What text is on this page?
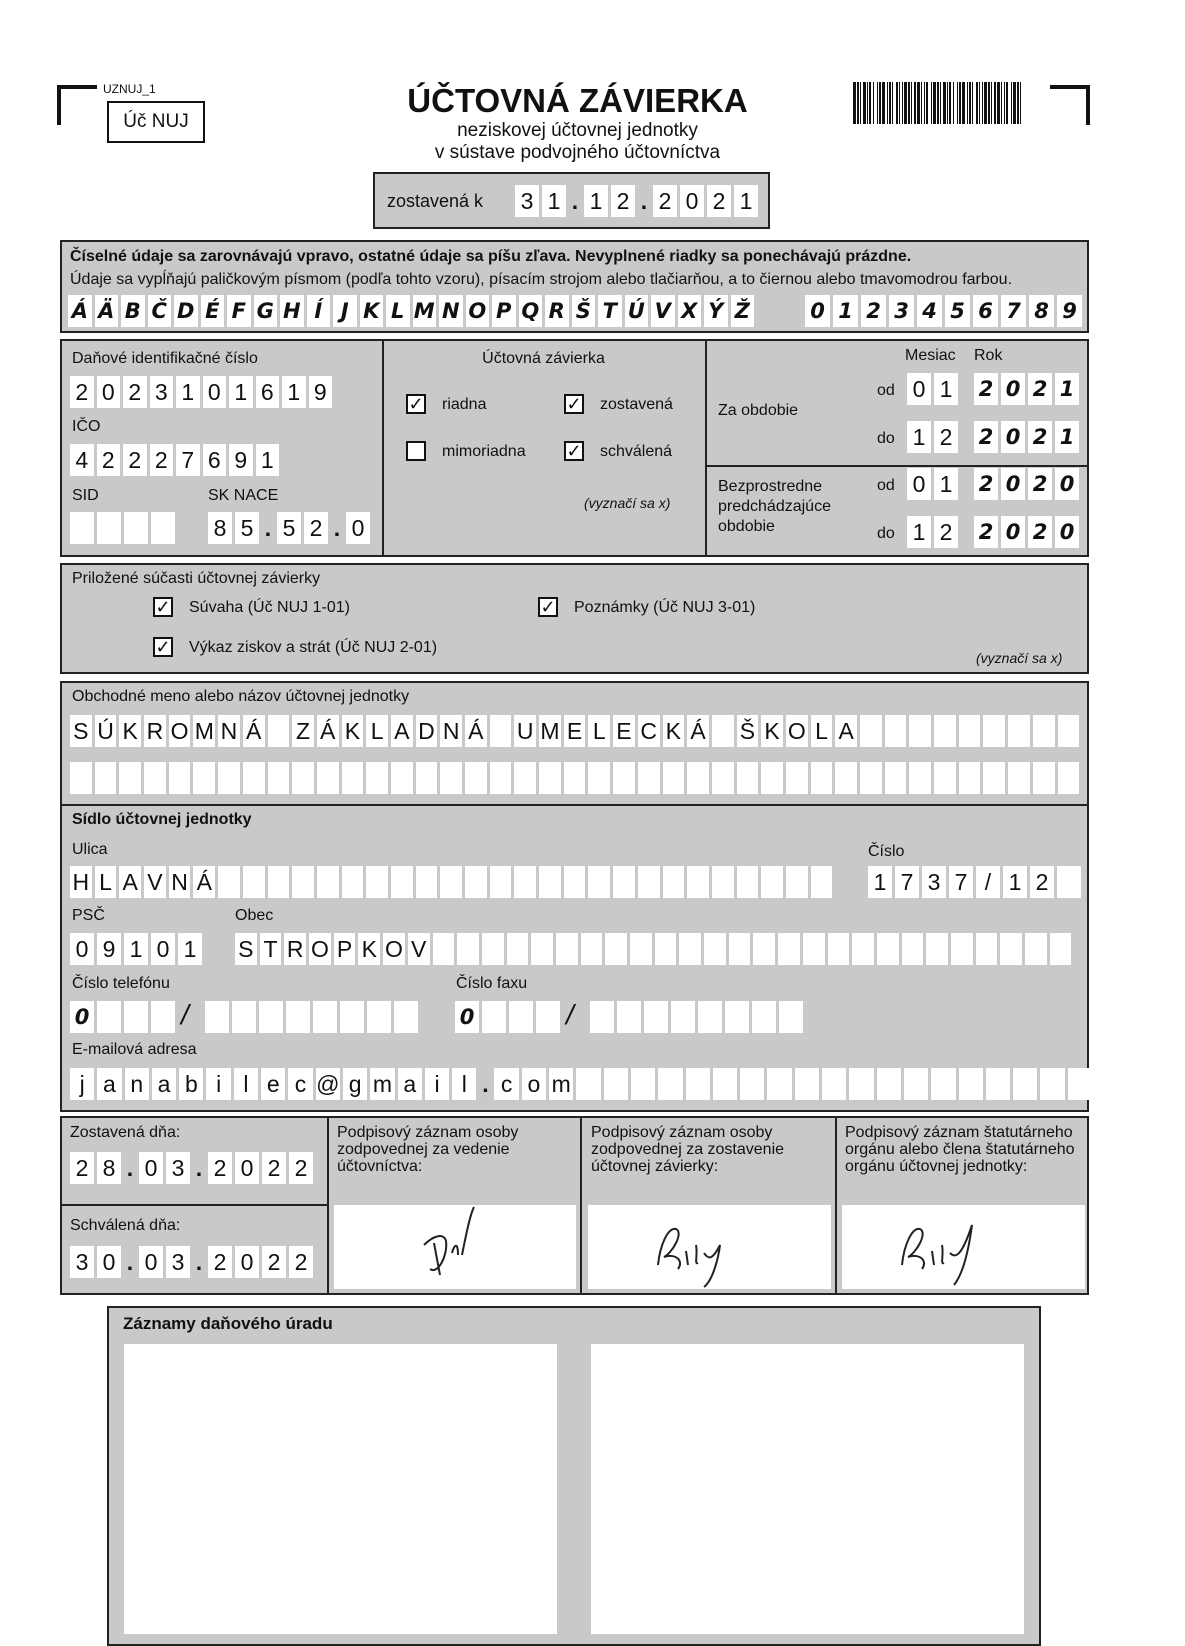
UZNUJ_1
Úč NUJ
ÚČTOVNÁ ZÁVIERKA
neziskovej účtovnej jednotky
v sústave podvojného účtovníctva
zostavená k 3 1 . 1 2 . 2 0 2 1
Číselné údaje sa zarovnávajú vpravo, ostatné údaje sa píšu zľava. Nevyplnené riadky sa ponechávajú prázdne.
Údaje sa vypĺňajú paličkovým písmom (podľa tohto vzoru), písacím strojom alebo tlačiarňou, a to čiernou alebo tmavomodrou farbou.
Á Ä B Č D É F G H Í J K L M N O P Q R Š T Ú V X Ý Ž	0 1 2 3 4 5 6 7 8 9
Daňové identifikačné číslo
2 0 2 3 1 0 1 6 1 9
IČO
4 2 2 2 7 6 9 1
SID	SK NACE
8 5 . 5 2 . 0
Účtovná závierka
✓ riadna	✓ zostavená
mimoriadna ✓ schválená
(vyznačí sa x)
Mesiac Rok
Za obdobie
od 0 1 2 0 2 1
do 1 2 2 0 2 1
Bezprostredne
predchádzajúce
obdobie
od 0 1 2 0 2 0
do 1 2 2 0 2 0
Priložené súčasti účtovnej závierky
✓ Súvaha (Úč NUJ 1-01)	✓ Poznámky (Úč NUJ 3-01)
✓ Výkaz ziskov a strát (Úč NUJ 2-01)
(vyznačí sa x)
Obchodné meno alebo názov účtovnej jednotky
S Ú K R O M N Á Z Á K L A D N Á U M E L E C K Á Š K O L A
Sídlo účtovnej jednotky
Ulica
H L A V N Á
Číslo
1 7 3 7 / 1 2
PSČ
0 9 1 0 1
Obec
S T R O P K O V
Číslo telefónu
0	/
Číslo faxu
0	/
E-mailová adresa
j a n a b i l e c @ g m a i l . c o m
Zostavená dňa:
2 8 . 0 3 . 2 0 2 2
Schválená dňa:
3 0 . 0 3 . 2 0 2 2
Podpisový záznam osoby zodpovednej za vedenie účtovníctva:
Podpisový záznam osoby zodpovednej za zostavenie účtovnej závierky:
Podpisový záznam štatutárneho orgánu alebo člena štatutárneho orgánu účtovnej jednotky:
Záznamy daňového úradu
